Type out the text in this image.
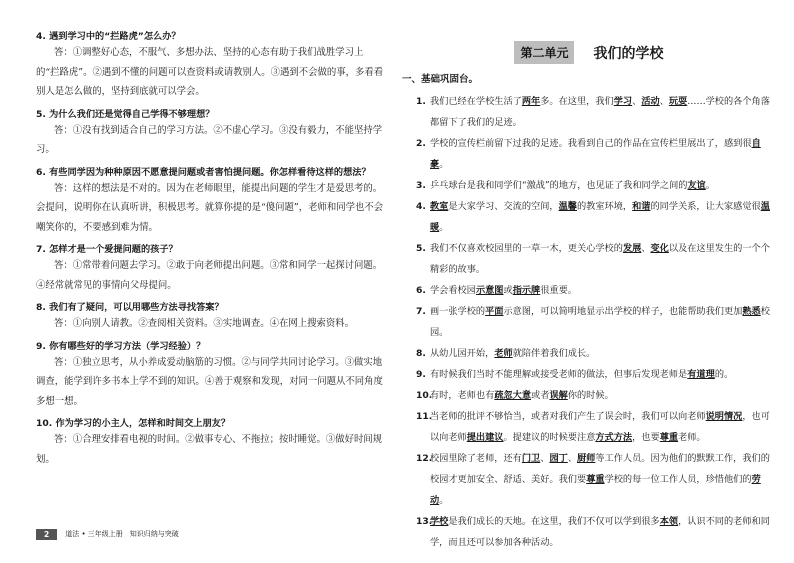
4. 遇到学习中的“拦路虎”怎么办？

答：①调整好心态，不服气、多想办法、坚持的心态有助于我们战胜学习上的“拦路虎”。②遇到不懂的问题可以查资料或请教别人。③遇到不会做的事，多看看别人是怎么做的，坚持到底就可以学会。

5. 为什么我们还是觉得自己学得不够理想？

答：①没有找到适合自己的学习方法。②不虚心学习。③没有毅力，不能坚持学习。

6. 有些同学因为种种原因不愿意提问题或者害怕提问题。你怎样看待这样的想法？

答：这样的想法是不对的。因为在老师眼里，能提出问题的学生才是爱思考的。会提问，说明你在认真听讲，积极思考。就算你提的是“傻问题”，老师和同学也不会嘲笑你的，不要感到难为情。

7. 怎样才是一个爱提问题的孩子？

答：①常带着问题去学习。②敢于向老师提出问题。③常和同学一起探讨问题。④经常就常见的事情向父母提问。

8. 我们有了疑问，可以用哪些方法寻找答案？

答：①向别人请教。②查阅相关资料。③实地调查。④在网上搜索资料。

9. 你有哪些好的学习方法（学习经验）？

答：①独立思考，从小养成爱动脑筋的习惯。②与同学共同讨论学习。③做实地调查，能学到许多书本上学不到的知识。④善于观察和发现，对同一问题从不同角度多想一想。

10. 作为学习的小主人，怎样和时间交上朋友？

答：①合理安排看电视的时间。②做事专心、不拖拉；按时睡觉。③做好时间规划。

第二单元 我们的学校

一、基础巩固台。

1. 我们已经在学校生活了两年多。在这里，我们学习、活动、玩耍……学校的各个角落都留下了我们的足迹。

2. 学校的宣传栏前留下过我的足迹。我看到自己的作品在宣传栏里展出了，感到很自豪。

3. 乒乓球台是我和同学们“激战”的地方，也见证了我和同学之间的友谊。

4. 教室是大家学习、交流的空间，温馨的教室环境，和谐的同学关系，让大家感觉很温暖。

5. 我们不仅喜欢校园里的一草一木，更关心学校的发展、变化以及在这里发生的一个个精彩的故事。

6. 学会看校园示意图或指示牌很重要。

7. 画一张学校的平面示意图，可以简明地显示出学校的样子，也能帮助我们更加熟悉校园。

8. 从幼儿园开始，老师就陪伴着我们成长。

9. 有时候我们当时不能理解或接受老师的做法，但事后发现老师是有道理的。

10.
有时，老师也有疏忽大意或者误解你的时候。

11.
当老师的批评不够恰当，或者对我们产生了误会时，我们可以向老师说明情况，也可以向老师提出建议。提建议的时候要注意方式方法，也要尊重老师。

12.
校园里除了老师，还有门卫、园丁、厨师等工作人员。因为他们的默默工作，我们的校园才更加安全、舒适、美好。我们要尊重学校的每一位工作人员，珍惜他们的劳动。

13.
学校是我们成长的天地。在这里，我们不仅可以学到很多本领，认识不同的老师和同学，而且还可以参加各种活动。

2	道法 • 三年级上册　知识归纳与突破
